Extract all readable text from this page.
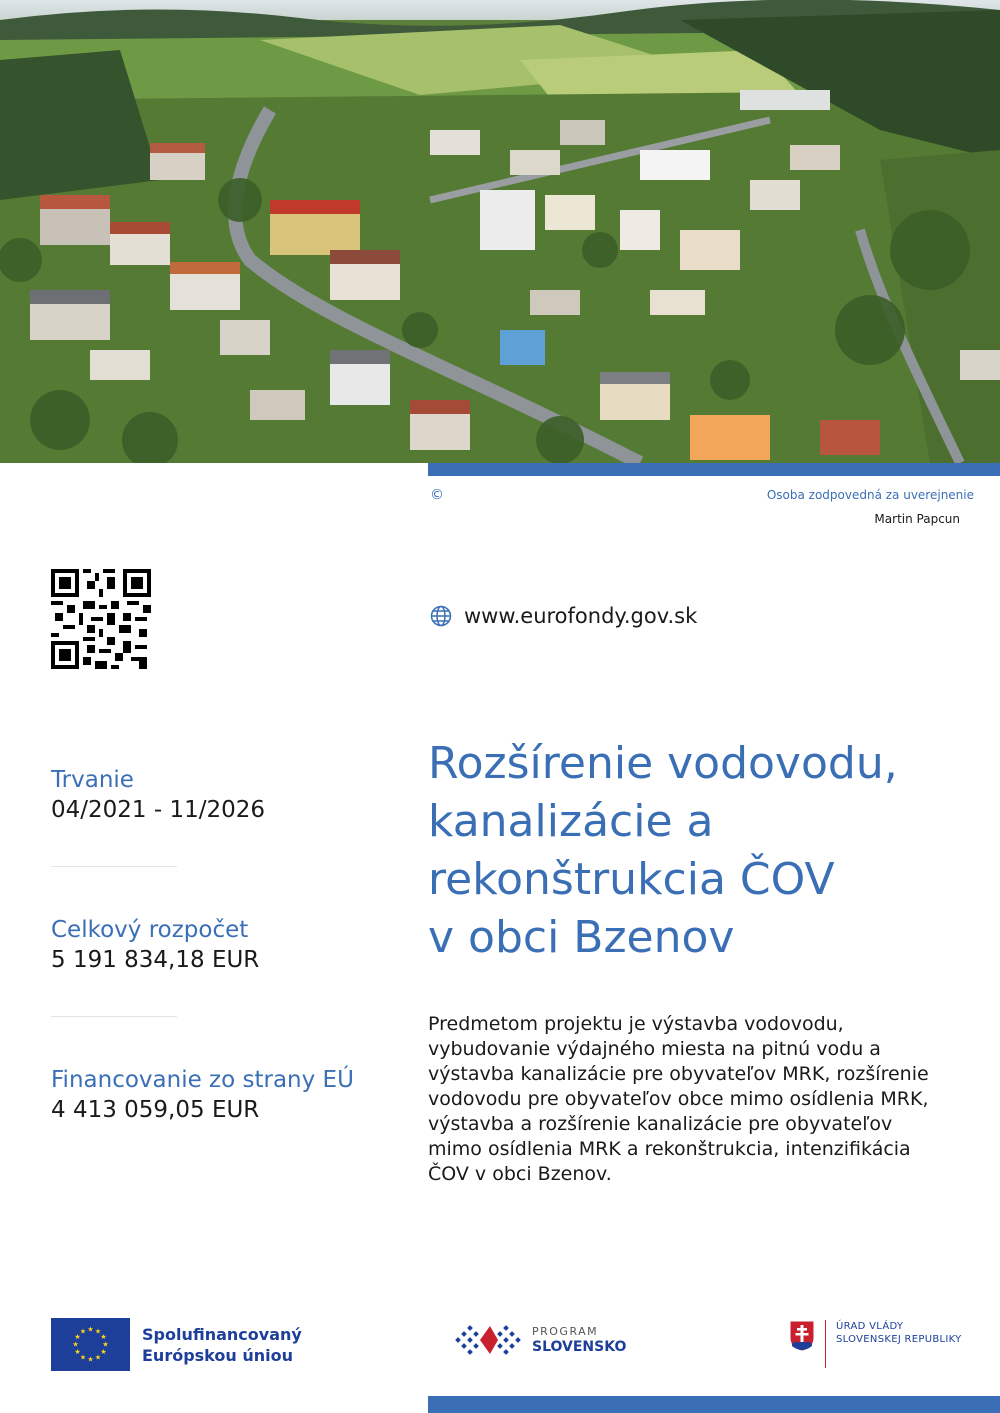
©	Osoba zodpovedná za uverejnenie
Martin Papcun
www.eurofondy.gov.sk
Trvanie
04/2021 - 11/2026
Celkový rozpočet
5 191 834,18 EUR
Financovanie zo strany EÚ
4 413 059,05 EUR
Rozšírenie vodovodu,
kanalizácie a
rekonštrukcia ČOV
v obci Bzenov

Predmetom projektu je výstavba vodovodu, vybudovanie výdajného miesta na pitnú vodu a výstavba kanalizácie pre obyvateľov MRK, rozšírenie vodovodu pre obyvateľov obce mimo osídlenia MRK, výstavba a rozšírenie kanalizácie pre obyvateľov mimo osídlenia MRK a rekonštrukcia, intenzifikácia ČOV v obci Bzenov.

★ ★
★
★
★
★
★
★
★
★
★
★	Spolufinancovaný
Európskou úniou
PROGRAM
SLOVENSKO
ÚRAD VLÁDY
SLOVENSKEJ REPUBLIKY
